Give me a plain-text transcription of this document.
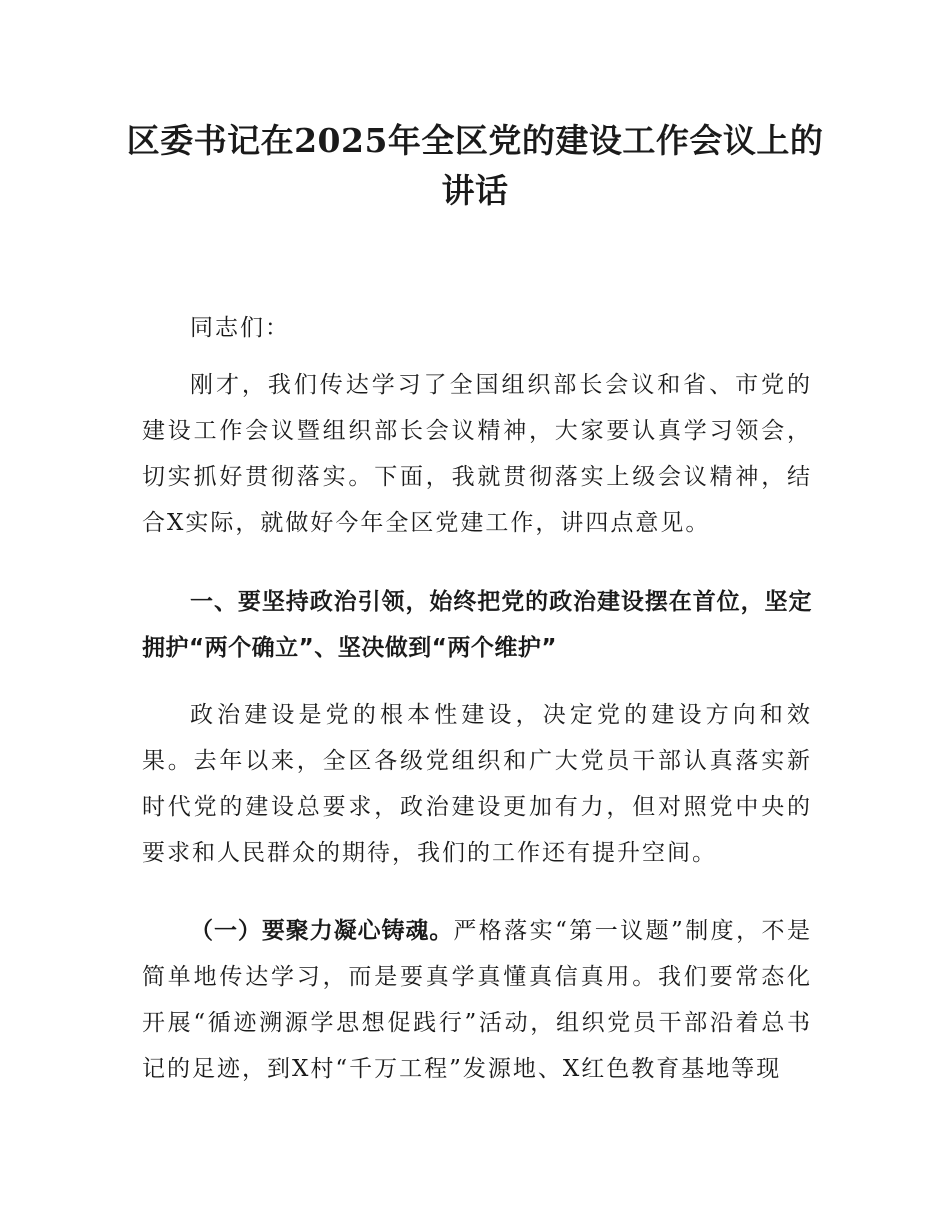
区委书记在2025年全区党的建设工作会议上的讲话

同志们：

刚才，我们传达学习了全国组织部长会议和省、市党的建设工作会议暨组织部长会议精神，大家要认真学习领会，切实抓好贯彻落实。下面，我就贯彻落实上级会议精神，结合X实际，就做好今年全区党建工作，讲四点意见。

一、要坚持政治引领，始终把党的政治建设摆在首位，坚定拥护“两个确立”、坚决做到“两个维护”

政治建设是党的根本性建设，决定党的建设方向和效果。去年以来，全区各级党组织和广大党员干部认真落实新时代党的建设总要求，政治建设更加有力，但对照党中央的要求和人民群众的期待，我们的工作还有提升空间。

（一）要聚力凝心铸魂。严格落实“第一议题”制度，不是简单地传达学习，而是要真学真懂真信真用。我们要常态化开展“循迹溯源学思想促践行”活动，组织党员干部沿着总书记的足迹，到X村“千万工程”发源地、X红色教育基地等现
